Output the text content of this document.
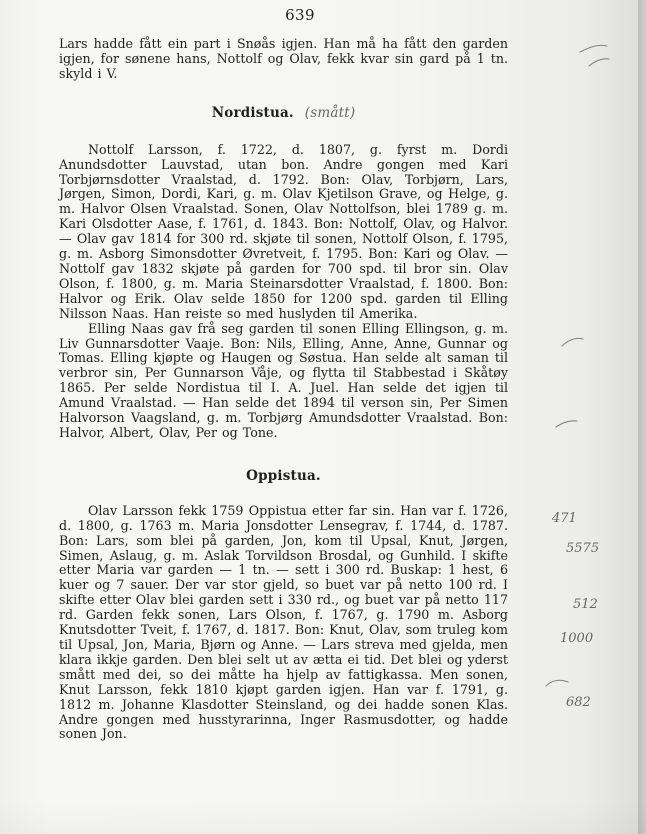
639

Lars hadde fått ein part i Snøås igjen. Han må ha fått den garden igjen, for sønene hans, Nottolf og Olav, fekk kvar sin gard på 1 tn. skyld i V.

Nordistua. (smått)

Nottolf Larsson, f. 1722, d. 1807, g. fyrst m. Dordi Anundsdotter Lauvstad, utan bon. Andre gongen med Kari Torbjørnsdotter Vraalstad, d. 1792. Bon: Olav, Torbjørn, Lars, Jørgen, Simon, Dordi, Kari, g. m. Olav Kjetilson Grave, og Helge, g. m. Halvor Olsen Vraalstad. Sonen, Olav Nottolfson, blei 1789 g. m. Kari Olsdotter Aase, f. 1761, d. 1843. Bon: Nottolf, Olav, og Halvor. — Olav gav 1814 for 300 rd. skjøte til sonen, Nottolf Olson, f. 1795, g. m. Asborg Simonsdotter Øvretveit, f. 1795. Bon: Kari og Olav. — Nottolf gav 1832 skjøte på garden for 700 spd. til bror sin. Olav Olson, f. 1800, g. m. Maria Steinarsdotter Vraalstad, f. 1800. Bon: Halvor og Erik. Olav selde 1850 for 1200 spd. garden til Elling Nilsson Naas. Han reiste so med huslyden til Amerika.

Elling Naas gav frå seg garden til sonen Elling Ellingson, g. m. Liv Gunnarsdotter Vaaje. Bon: Nils, Elling, Anne, Anne, Gunnar og Tomas. Elling kjøpte og Haugen og Søstua. Han selde alt saman til verbror sin, Per Gunnarson Våje, og flytta til Stabbestad i Skåtøy 1865. Per selde Nordistua til I. A. Juel. Han selde det igjen til Amund Vraalstad. — Han selde det 1894 til verson sin, Per Simen Halvorson Vaagsland, g. m. Torbjørg Amundsdotter Vraalstad. Bon: Halvor, Albert, Olav, Per og Tone.

Oppistua.

Olav Larsson fekk 1759 Oppistua etter far sin. Han var f. 1726, d. 1800, g. 1763 m. Maria Jonsdotter Lensegrav, f. 1744, d. 1787. Bon: Lars, som blei på garden, Jon, kom til Upsal, Knut, Jørgen, Simen, Aslaug, g. m. Aslak Torvildson Brosdal, og Gunhild. I skifte etter Maria var garden — 1 tn. — sett i 300 rd. Buskap: 1 hest, 6 kuer og 7 sauer. Der var stor gjeld, so buet var på netto 100 rd. I skifte etter Olav blei garden sett i 330 rd., og buet var på netto 117 rd. Garden fekk sonen, Lars Olson, f. 1767, g. 1790 m. Asborg Knutsdotter Tveit, f. 1767, d. 1817. Bon: Knut, Olav, som truleg kom til Upsal, Jon, Maria, Bjørn og Anne. — Lars streva med gjelda, men klara ikkje garden. Den blei selt ut av ætta ei tid. Det blei og yderst smått med dei, so dei måtte ha hjelp av fattigkassa. Men sonen, Knut Larsson, fekk 1810 kjøpt garden igjen. Han var f. 1791, g. 1812 m. Johanne Klasdotter Steinsland, og dei hadde sonen Klas. Andre gongen med husstyrarinna, Inger Rasmusdotter, og hadde sonen Jon.

471
5575
512
1000
682
